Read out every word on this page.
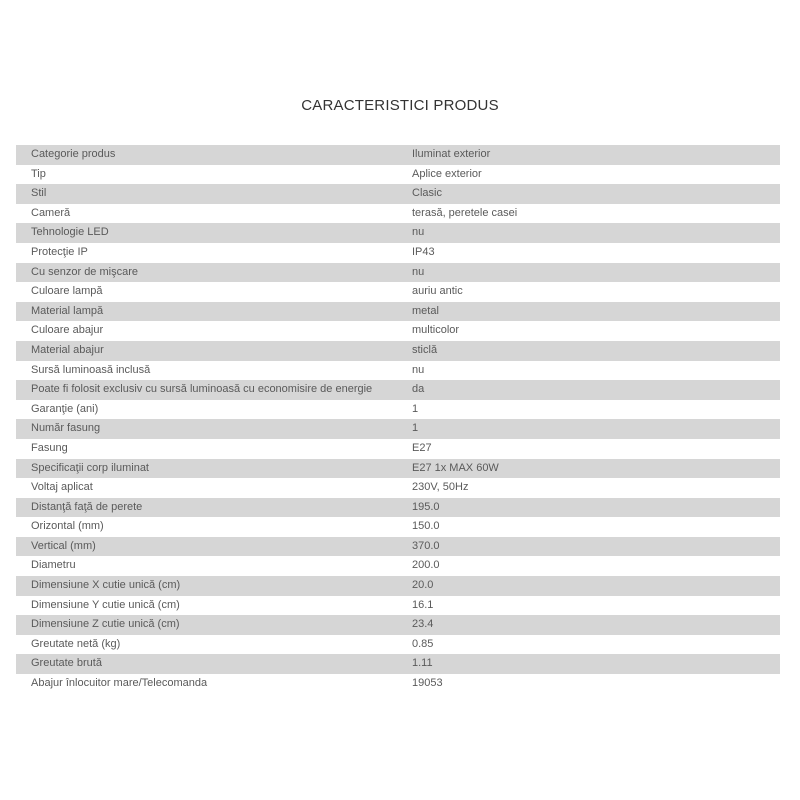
CARACTERISTICI PRODUS
Categorie produs	Iluminat exterior
Tip	Aplice exterior
Stil	Clasic
Cameră	terasă, peretele casei
Tehnologie LED	nu
Protecţie IP	IP43
Cu senzor de mişcare	nu
Culoare lampă	auriu antic
Material lampă	metal
Culoare abajur	multicolor
Material abajur	sticlă
Sursă luminoasă inclusă	nu
Poate fi folosit exclusiv cu sursă luminoasă cu economisire de energie	da
Garanţie (ani)	1
Număr fasung	1
Fasung	E27
Specificaţii corp iluminat	E27 1x MAX 60W
Voltaj aplicat	230V, 50Hz
Distanţă faţă de perete	195.0
Orizontal (mm)	150.0
Vertical (mm)	370.0
Diametru	200.0
Dimensiune X cutie unică (cm)	20.0
Dimensiune Y cutie unică (cm)	16.1
Dimensiune Z cutie unică (cm)	23.4
Greutate netă (kg)	0.85
Greutate brută	1.11
Abajur înlocuitor mare/Telecomanda	19053
